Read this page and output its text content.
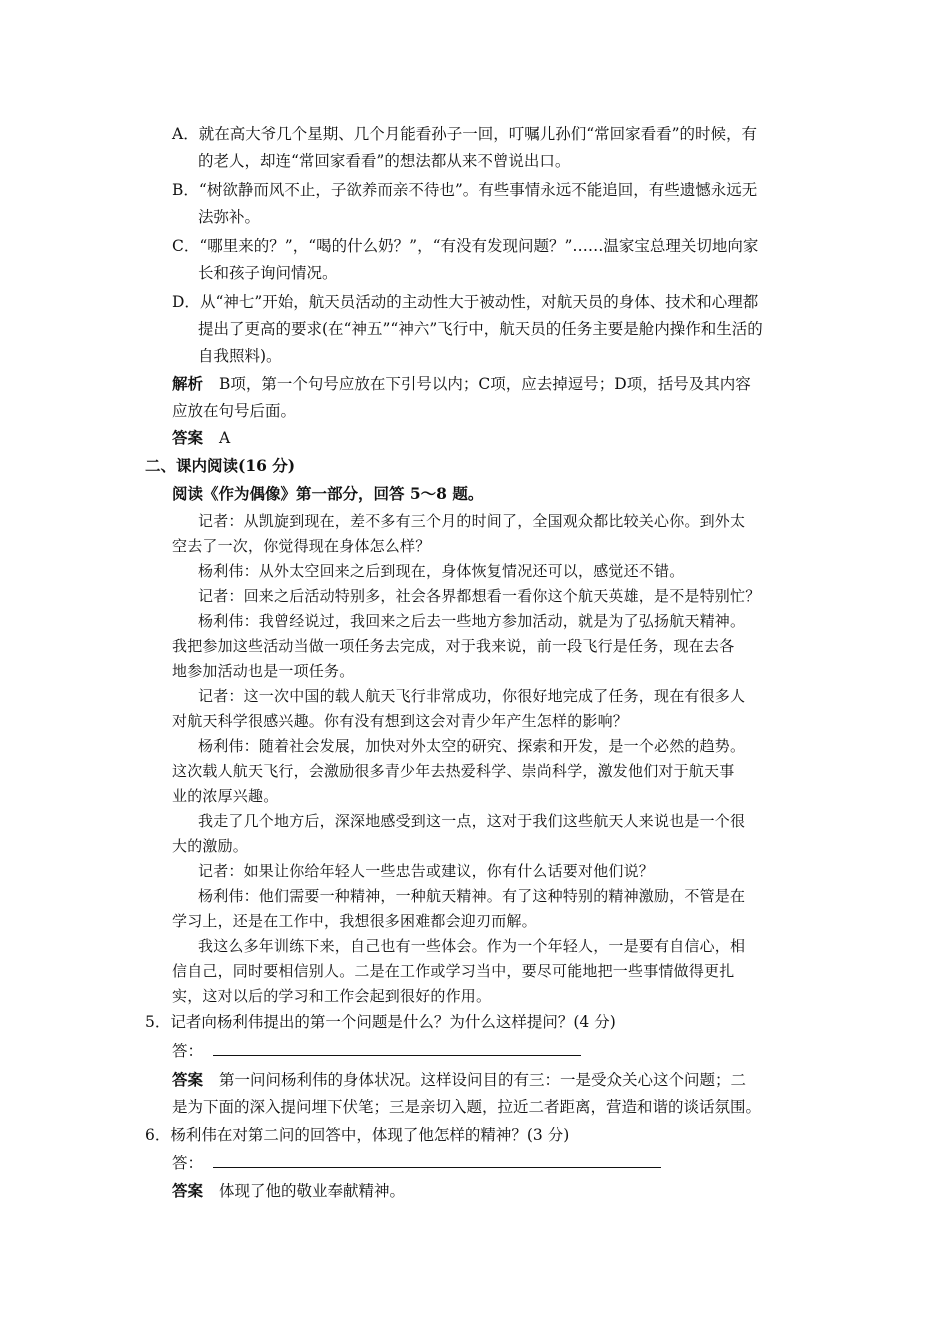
A．就在高大爷几个星期、几个月能看孙子一回，叮嘱儿孙们“常回家看看”的时候，有
的老人，却连“常回家看看”的想法都从来不曾说出口。
B．“树欲静而风不止，子欲养而亲不待也”。有些事情永远不能追回，有些遗憾永远无
法弥补。
C．“哪里来的？”，“喝的什么奶？”，“有没有发现问题？”……温家宝总理关切地向家
长和孩子询问情况。
D．从“神七”开始，航天员活动的主动性大于被动性，对航天员的身体、技术和心理都
提出了更高的要求(在“神五”“神六”飞行中，航天员的任务主要是舱内操作和生活的
自我照料)。
解析 B项，第一个句号应放在下引号以内；C项，应去掉逗号；D项，括号及其内容
应放在句号后面。
答案 A
二、课内阅读(16 分)
阅读《作为偶像》第一部分，回答 5～8 题。
记者：从凯旋到现在，差不多有三个月的时间了，全国观众都比较关心你。到外太
空去了一次，你觉得现在身体怎么样？
杨利伟：从外太空回来之后到现在，身体恢复情况还可以，感觉还不错。
记者：回来之后活动特别多，社会各界都想看一看你这个航天英雄，是不是特别忙？
杨利伟：我曾经说过，我回来之后去一些地方参加活动，就是为了弘扬航天精神。
我把参加这些活动当做一项任务去完成，对于我来说，前一段飞行是任务，现在去各
地参加活动也是一项任务。
记者：这一次中国的载人航天飞行非常成功，你很好地完成了任务，现在有很多人
对航天科学很感兴趣。你有没有想到这会对青少年产生怎样的影响？
杨利伟：随着社会发展，加快对外太空的研究、探索和开发，是一个必然的趋势。
这次载人航天飞行，会激励很多青少年去热爱科学、崇尚科学，激发他们对于航天事
业的浓厚兴趣。
我走了几个地方后，深深地感受到这一点，这对于我们这些航天人来说也是一个很
大的激励。
记者：如果让你给年轻人一些忠告或建议，你有什么话要对他们说？
杨利伟：他们需要一种精神，一种航天精神。有了这种特别的精神激励，不管是在
学习上，还是在工作中，我想很多困难都会迎刃而解。
我这么多年训练下来，自己也有一些体会。作为一个年轻人，一是要有自信心，相
信自己，同时要相信别人。二是在工作或学习当中，要尽可能地把一些事情做得更扎
实，这对以后的学习和工作会起到很好的作用。
5．记者向杨利伟提出的第一个问题是什么？为什么这样提问？(4 分)
答：
答案 第一问问杨利伟的身体状况。这样设问目的有三：一是受众关心这个问题；二
是为下面的深入提问埋下伏笔；三是亲切入题，拉近二者距离，营造和谐的谈话氛围。
6．杨利伟在对第二问的回答中，体现了他怎样的精神？(3 分)
答：
答案 体现了他的敬业奉献精神。
